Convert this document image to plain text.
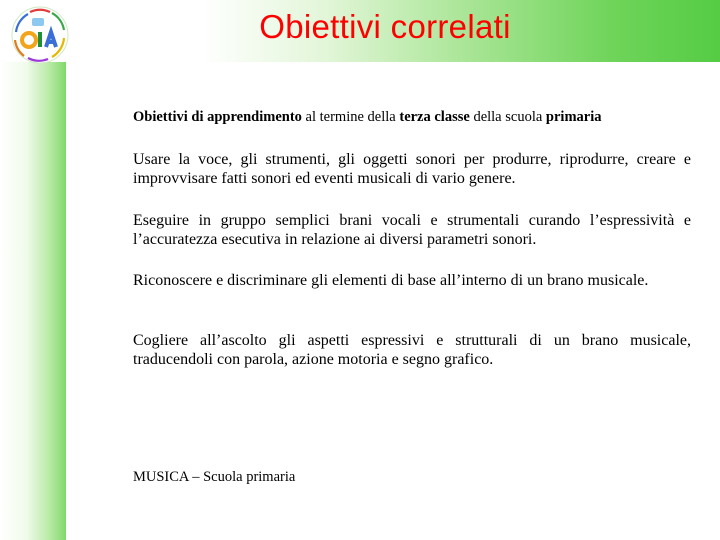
Obiettivi correlati
Obiettivi di apprendimento al termine della terza classe della scuola primaria
Usare la voce, gli strumenti, gli oggetti sonori per produrre, riprodurre, creare e improvvisare fatti sonori ed eventi musicali di vario genere.
Eseguire in gruppo semplici brani vocali e strumentali curando l’espressività e l’accuratezza esecutiva in relazione ai diversi parametri sonori.
Riconoscere e discriminare gli elementi di base all’interno di un brano musicale.
Cogliere all’ascolto gli aspetti espressivi e strutturali di un brano musicale, traducendoli con parola, azione motoria e segno grafico.
MUSICA – Scuola primaria
